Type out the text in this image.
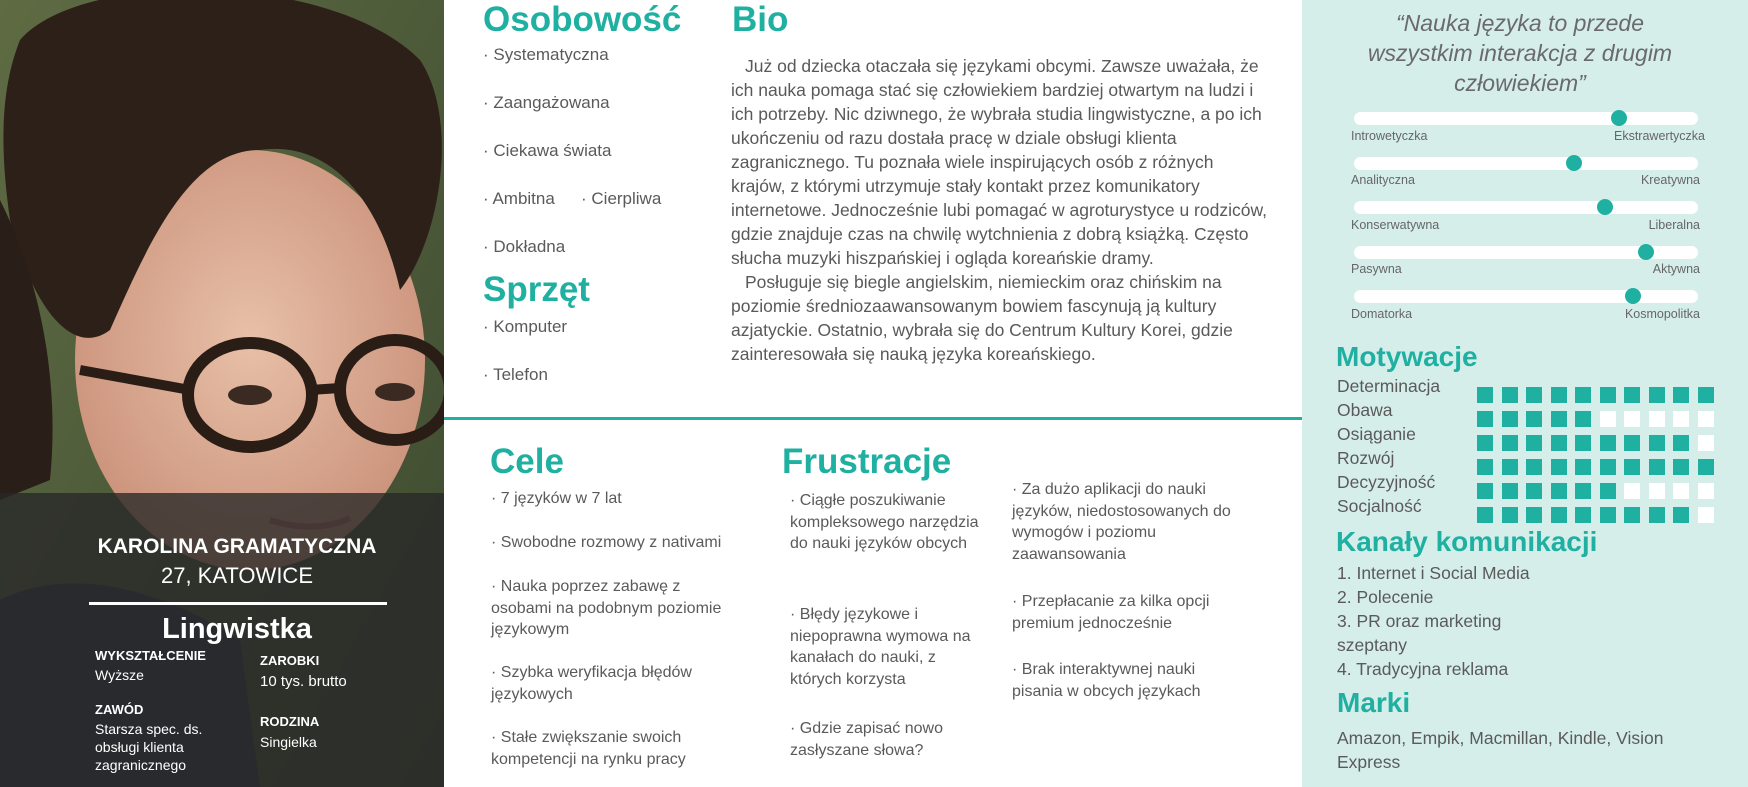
KAROLINA GRAMATYCZNA
27, KATOWICE
Lingwistka
WYKSZTAŁCENIE
Wyższe
ZAROBKI
10 tys. brutto
ZAWÓD
Starsza spec. ds.
obsługi klienta
zagranicznego
RODZINA
Singielka
Osobowość
· Systematyczna
· Zaangażowana
· Ciekawa świata
· Ambitna · Cierpliwa
· Dokładna
Sprzęt
· Komputer
· Telefon
Bio

Już od dziecka otaczała się językami obcymi. Zawsze uważała, że ich nauka pomaga stać się człowiekiem bardziej otwartym na ludzi i ich potrzeby. Nic dziwnego, że wybrała studia lingwistyczne, a po ich ukończeniu od razu dostała pracę w dziale obsługi klienta zagranicznego. Tu poznała wiele inspirujących osób z różnych krajów, z którymi utrzymuje stały kontakt przez komunikatory internetowe. Jednocześnie lubi pomagać w agroturystyce u rodziców, gdzie znajduje czas na chwilę wytchnienia z dobrą książką. Często słucha muzyki hiszpańskiej i ogląda koreańskie dramy.

Posługuje się biegle angielskim, niemieckim oraz chińskim na poziomie średniozaawansowanym bowiem fascynują ją kultury azjatyckie. Ostatnio, wybrała się do Centrum Kultury Korei, gdzie zainteresowała się nauką języka koreańskiego.

Cele
· 7 języków w 7 lat
· Swobodne rozmowy z nativami
· Nauka poprzez zabawę z osobami na podobnym poziomie językowym
· Szybka weryfikacja błędów językowych
· Stałe zwiększanie swoich kompetencji na rynku pracy
Frustracje
· Ciągłe poszukiwanie kompleksowego narzędzia do nauki języków obcych
· Błędy językowe i niepoprawna wymowa na kanałach do nauki, z których korzysta
· Gdzie zapisać nowo zasłyszane słowa?
· Za dużo aplikacji do nauki języków, niedostosowanych do wymogów i poziomu zaawansowania
· Przepłacanie za kilka opcji premium jednocześnie
· Brak interaktywnej nauki pisania w obcych językach
“Nauka języka to przede wszystkim interakcja z drugim człowiekiem”
Introwetyczka	Ekstrawertyczka
Analityczna	Kreatywna
Konserwatywna	Liberalna
Pasywna	Aktywna
Domatorka	Kosmopolitka
Motywacje
Determinacja
Obawa
Osiąganie
Rozwój
Decyzyjność
Socjalność
Kanały komunikacji
1. Internet i Social Media
2. Polecenie
3. PR oraz marketing
szeptany
4. Tradycyjna reklama
Marki
Amazon, Empik, Macmillan, Kindle, Vision
Express
